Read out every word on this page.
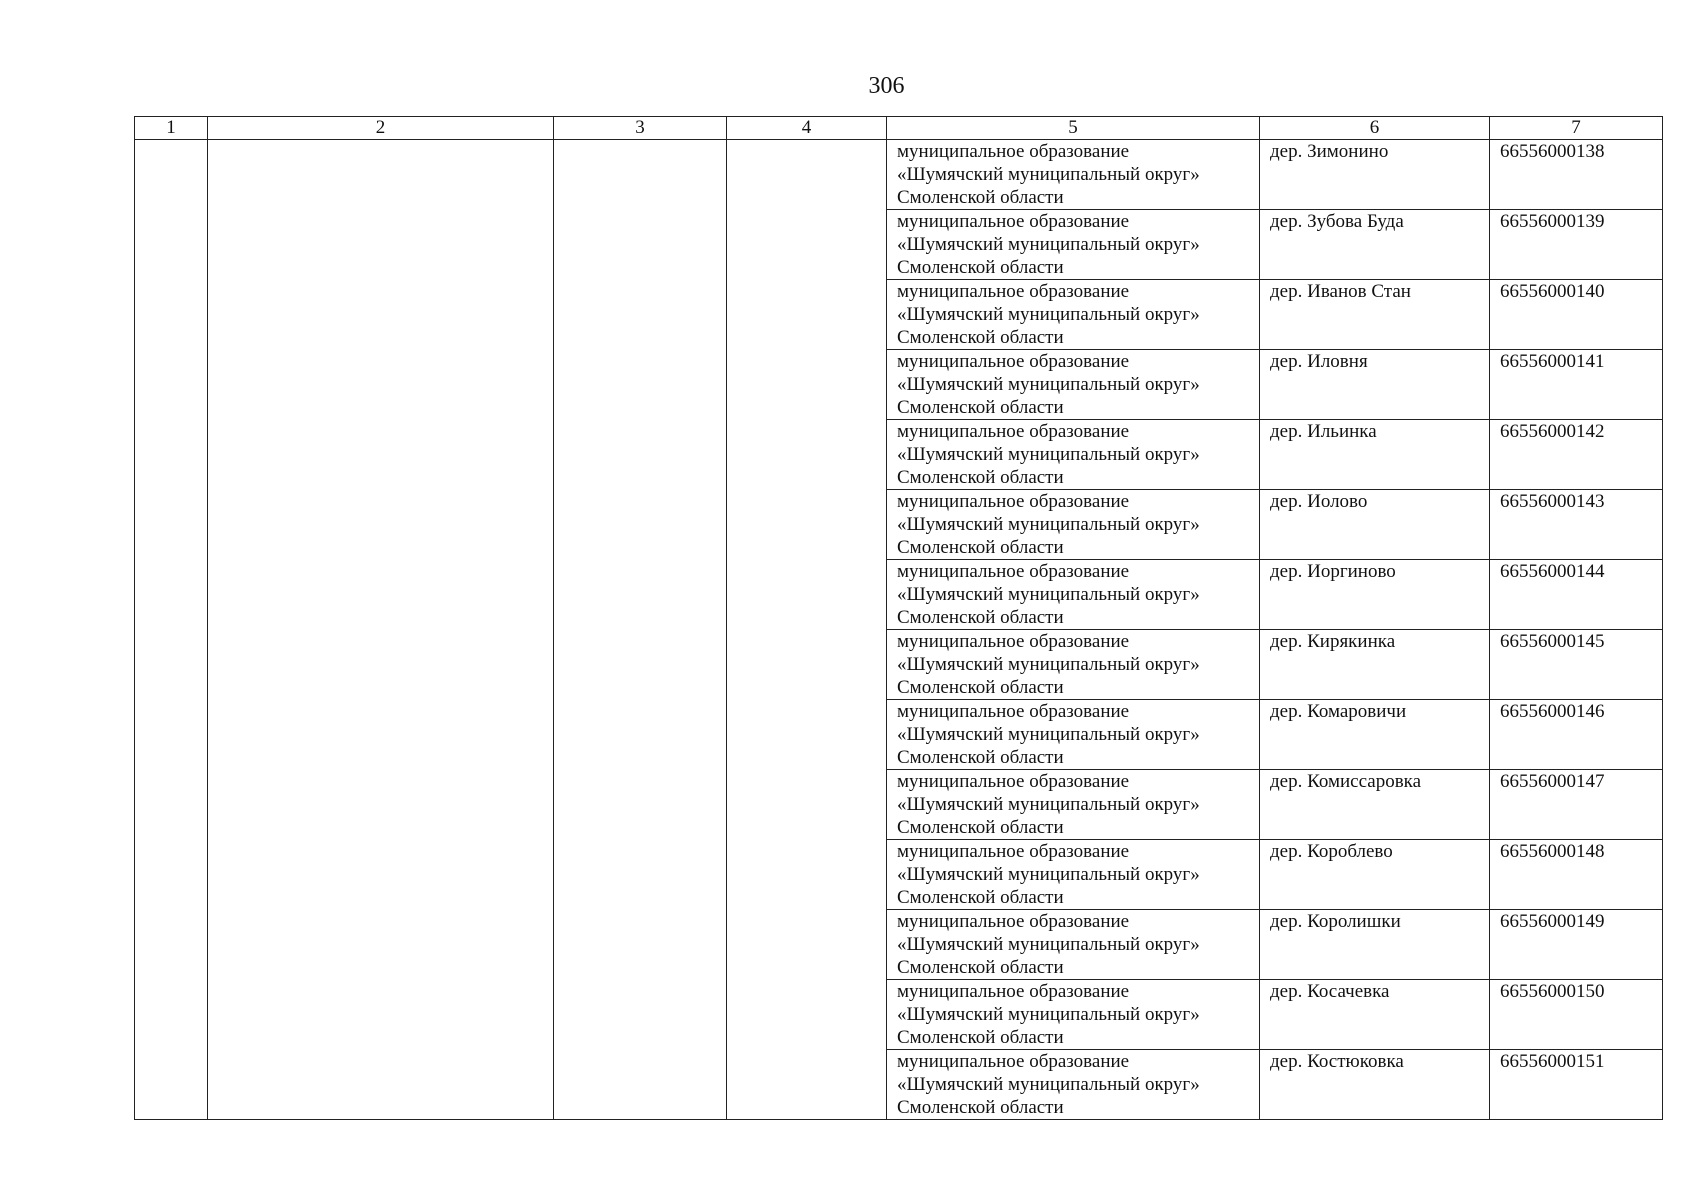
306
1	2	3	4	5	6	7
				муниципальное образование
«Шумячский муниципальный округ»
Смоленской области	дер. Зимонино	66556000138
				муниципальное образование
«Шумячский муниципальный округ»
Смоленской области	дер. Зубова Буда	66556000139
				муниципальное образование
«Шумячский муниципальный округ»
Смоленской области	дер. Иванов Стан	66556000140
				муниципальное образование
«Шумячский муниципальный округ»
Смоленской области	дер. Иловня	66556000141
				муниципальное образование
«Шумячский муниципальный округ»
Смоленской области	дер. Ильинка	66556000142
				муниципальное образование
«Шумячский муниципальный округ»
Смоленской области	дер. Иолово	66556000143
				муниципальное образование
«Шумячский муниципальный округ»
Смоленской области	дер. Иоргиново	66556000144
				муниципальное образование
«Шумячский муниципальный округ»
Смоленской области	дер. Кирякинка	66556000145
				муниципальное образование
«Шумячский муниципальный округ»
Смоленской области	дер. Комаровичи	66556000146
				муниципальное образование
«Шумячский муниципальный округ»
Смоленской области	дер. Комиссаровка	66556000147
				муниципальное образование
«Шумячский муниципальный округ»
Смоленской области	дер. Короблево	66556000148
				муниципальное образование
«Шумячский муниципальный округ»
Смоленской области	дер. Королишки	66556000149
				муниципальное образование
«Шумячский муниципальный округ»
Смоленской области	дер. Косачевка	66556000150
				муниципальное образование
«Шумячский муниципальный округ»
Смоленской области	дер. Костюковка	66556000151
